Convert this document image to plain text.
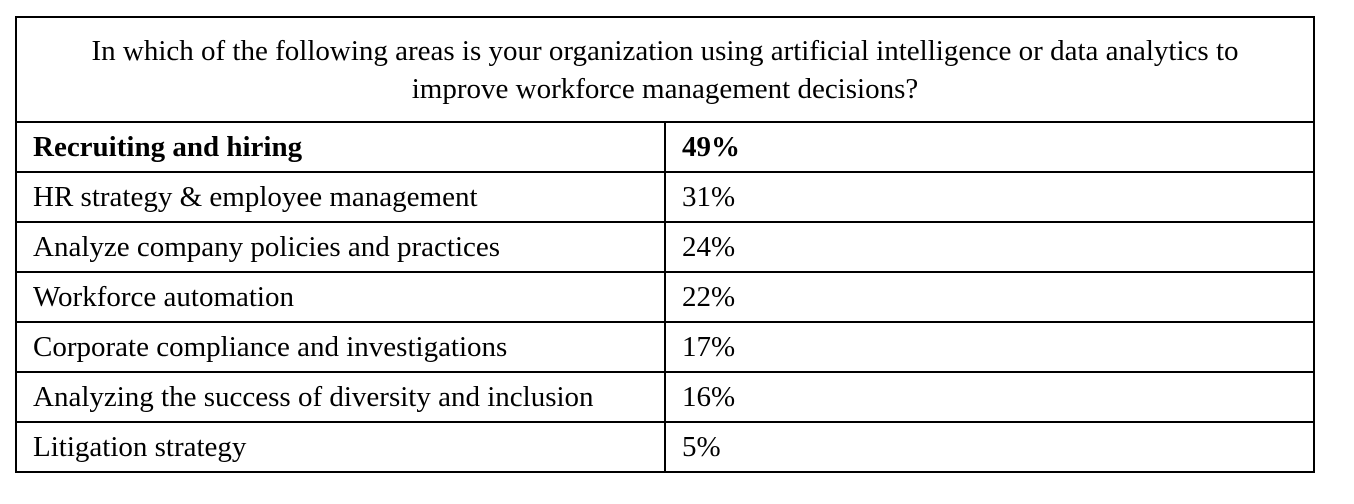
In which of the following areas is your organization using artificial intelligence or data analytics to improve workforce management decisions?	
Recruiting and hiring	49%
HR strategy & employee management	31%
Analyze company policies and practices	24%
Workforce automation	22%
Corporate compliance and investigations	17%
Analyzing the success of diversity and inclusion	16%
Litigation strategy	5%
